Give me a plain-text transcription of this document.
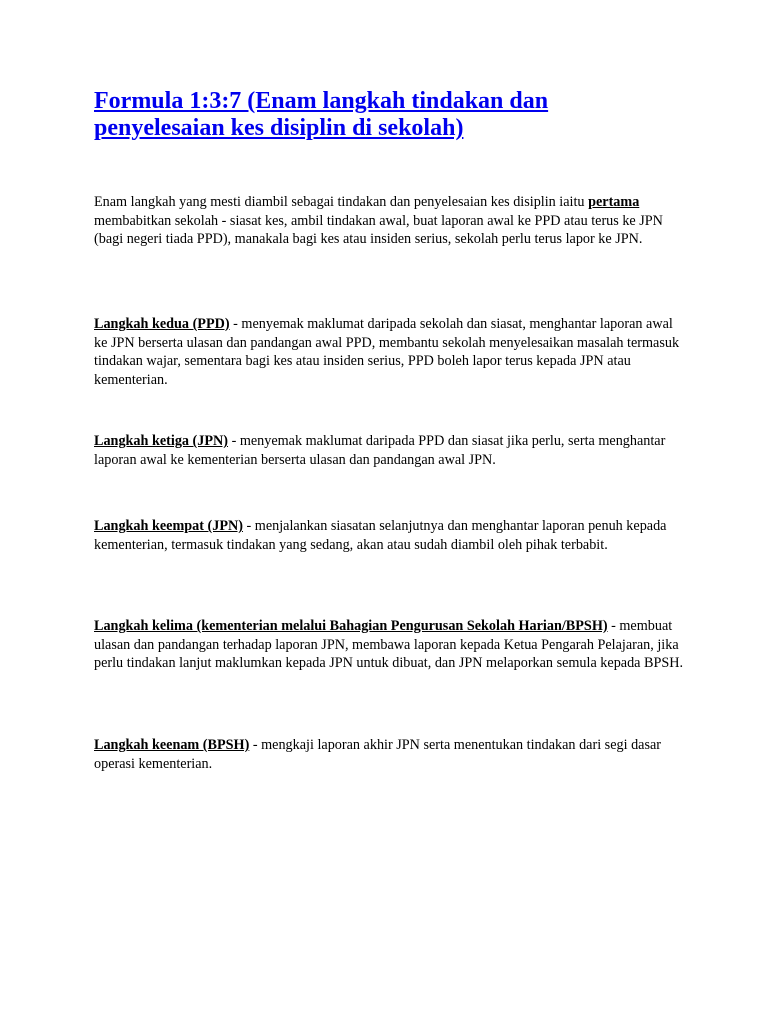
Formula 1:3:7 (Enam langkah tindakan dan penyelesaian kes disiplin di sekolah)

Enam langkah yang mesti diambil sebagai tindakan dan penyelesaian kes disiplin iaitu pertama membabitkan sekolah - siasat kes, ambil tindakan awal, buat laporan awal ke PPD atau terus ke JPN (bagi negeri tiada PPD), manakala bagi kes atau insiden serius, sekolah perlu terus lapor ke JPN.

Langkah kedua (PPD) - menyemak maklumat daripada sekolah dan siasat, menghantar laporan awal ke JPN berserta ulasan dan pandangan awal PPD, membantu sekolah menyelesaikan masalah termasuk tindakan wajar, sementara bagi kes atau insiden serius, PPD boleh lapor terus kepada JPN atau kementerian.

Langkah ketiga (JPN) - menyemak maklumat daripada PPD dan siasat jika perlu, serta menghantar laporan awal ke kementerian berserta ulasan dan pandangan awal JPN.

Langkah keempat (JPN) - menjalankan siasatan selanjutnya dan menghantar laporan penuh kepada kementerian, termasuk tindakan yang sedang, akan atau sudah diambil oleh pihak terbabit.

Langkah kelima (kementerian melalui Bahagian Pengurusan Sekolah Harian/BPSH) - membuat ulasan dan pandangan terhadap laporan JPN, membawa laporan kepada Ketua Pengarah Pelajaran, jika perlu tindakan lanjut maklumkan kepada JPN untuk dibuat, dan JPN melaporkan semula kepada BPSH.

Langkah keenam (BPSH) - mengkaji laporan akhir JPN serta menentukan tindakan dari segi dasar operasi kementerian.
